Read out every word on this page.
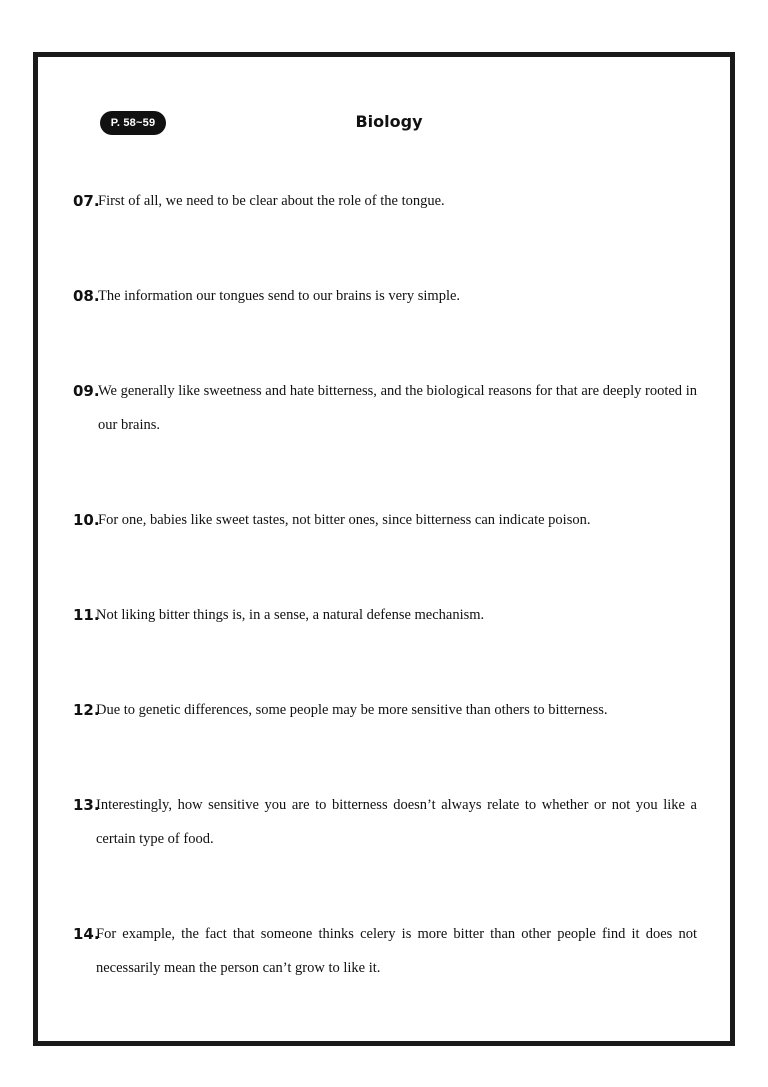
P. 58~59	Biology
07.
First of all, we need to be clear about the role of the tongue.
08.
The information our tongues send to our brains is very simple.
09.
We generally like sweetness and hate bitterness, and the biological reasons for that are deeply rooted in our brains.
10.
For one, babies like sweet tastes, not bitter ones, since bitterness can indicate poison.
11.
Not liking bitter things is, in a sense, a natural defense mechanism.
12.
Due to genetic differences, some people may be more sensitive than others to bitterness.
13.
Interestingly, how sensitive you are to bitterness doesn’t always relate to whether or not you like a certain type of food.
14.
For example, the fact that someone thinks celery is more bitter than other people find it does not necessarily mean the person can’t grow to like it.
